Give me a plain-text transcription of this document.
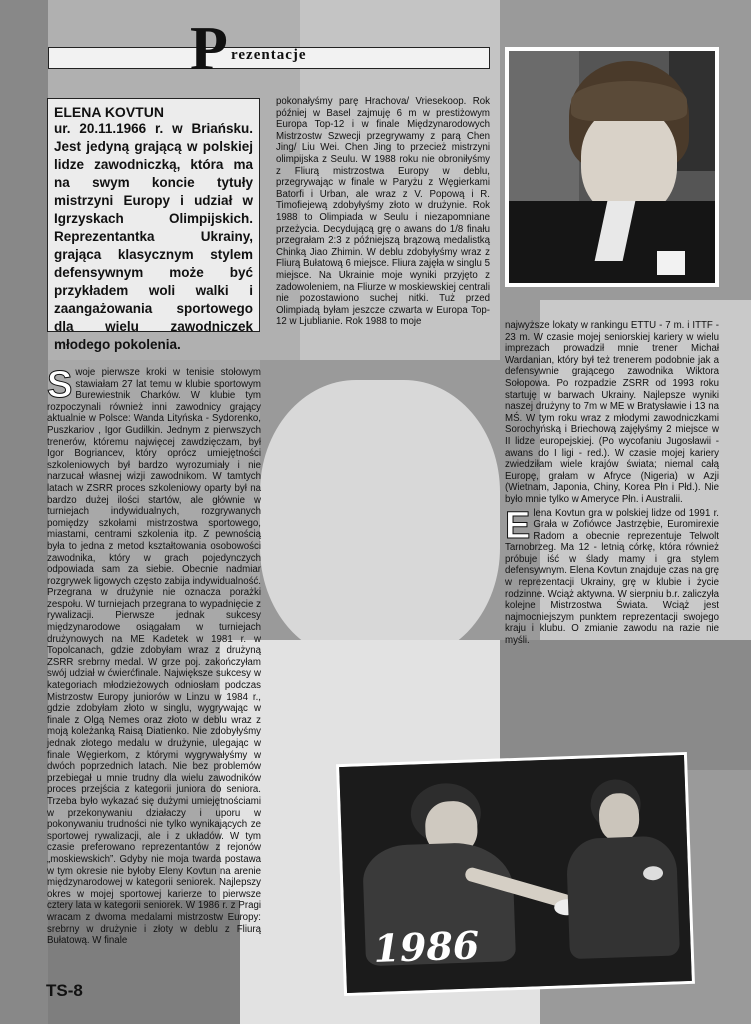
P rezentacje
ELENA KOVTUN

ur. 20.11.1966 r. w Briańsku. Jest jedyną grającą w polskiej lidze zawodniczką, która ma na swym koncie tytuły mistrzyni Europy i udział w Igrzyskach Olimpijskich. Reprezentantka Ukrainy, grająca klasycznym stylem defensywnym może być przykładem woli walki i zaangażowania sportowego dla wielu zawodniczek młodego pokolenia.

S woje pierwsze kroki w tenisie stołowym stawiałam 27 lat temu w klubie sportowym Burewiestnik Charków. W klubie tym rozpoczynali również inni zawodnicy grający aktualnie w Polsce: Wanda Lityńska - Sydorenko, Puszkariov , Igor Gudilkin. Jednym z pierwszych trenerów, któremu najwięcej zawdzięczam, był Igor Bogriancev, który oprócz umiejętności szkoleniowych był bardzo wyrozumiały i nie narzucał własnej wizji zawodnikom. W tamtych latach w ZSRR proces szkoleniowy oparty był na bardzo dużej ilości startów, ale głównie w turniejach indywidualnych, rozgrywanych pomiędzy szkołami mistrzostwa sportowego, miastami, centrami szkolenia itp. Z pewnością była to jedna z metod kształtowania osobowości zawodnika, który w grach pojedynczych odpowiada sam za siebie. Obecnie nadmiar rozgrywek ligowych często zabija indywidualność. Przegrana w drużynie nie oznacza porażki zespołu. W turniejach przegrana to wypadnięcie z rywalizacji. Pierwsze jednak sukcesy międzynarodowe osiągałam w turniejach drużynowych na ME Kadetek w 1981 r. w Topolcanach, gdzie zdobyłam wraz z drużyną ZSRR srebrny medal. W grze poj. zakończyłam swój udział w ćwierćfinale. Największe sukcesy w kategoriach młodzieżowych odniosłam podczas Mistrzostw Europy juniorów w Linzu w 1984 r., gdzie zdobyłam złoto w singlu, wygrywając w finale z Olgą Nemes oraz złoto w deblu wraz z moją koleżanką Raisą Diatienko. Nie zdobyłyśmy jednak złotego medalu w drużynie, ulegając w finale Węgierkom, z którymi wygrywałyśmy w dwóch poprzednich latach. Nie bez problemów przebiegał u mnie trudny dla wielu zawodników proces przejścia z kategorii juniora do seniora. Trzeba było wykazać się dużymi umiejętnościami w przekonywaniu działaczy i uporu w pokonywaniu trudności nie tylko wynikających ze sportowej rywalizacji, ale i z układów. W tym czasie preferowano reprezentantów z rejonów „moskiewskich”. Gdyby nie moja twarda postawa w tym okresie nie byłoby Eleny Kovtun na arenie międzynarodowej w kategorii seniorek. Najlepszy okres w mojej sportowej karierze to pierwsze cztery lata w kategorii seniorek. W 1986 r. z Pragi wracam z dwoma medalami mistrzostw Europy: srebrny w drużynie i złoty w deblu z Fliurą Bułatową. W finale
pokonałyśmy parę Hrachova/ Vriesekoop. Rok później w Basel zajmuję 6 m w prestiżowym Europa Top-12 i w finale Międzynarodowych Mistrzostw Szwecji przegrywamy z parą Chen Jing/ Liu Wei. Chen Jing to przecież mistrzyni olimpijska z Seulu. W 1988 roku nie obroniłyśmy z Fliurą mistrzostwa Europy w deblu, przegrywając w finale w Paryżu z Węgierkami Batorfi i Urban, ale wraz z V. Popową i R. Timofiejewą zdobyłyśmy złoto w drużynie. Rok 1988 to Olimpiada w Seulu i niezapomniane przeżycia. Decydującą grę o awans do 1/8 finału przegrałam 2:3 z późniejszą brązową medalistką Chinką Jiao Zhimin. W deblu zdobyłyśmy wraz z Fliurą Bułatową 6 miejsce. Fliura zajęła w singlu 5 miejsce. Na Ukrainie moje wyniki przyjęto z zadowoleniem, na Fliurze w moskiewskiej centrali nie pozostawiono suchej nitki. Tuż przed Olimpiadą byłam jeszcze czwarta w Europa Top-12 w Ljublianie. Rok 1988 to moje	najwyższe lokaty w rankingu ETTU - 7 m. i ITTF - 23 m. W czasie mojej seniorskiej kariery w wielu imprezach prowadził mnie trener Michał Wardanian, który był też trenerem podobnie jak a defensywnie grającego zawodnika Wiktora Sołopowa. Po rozpadzie ZSRR od 1993 roku startuję w barwach Ukrainy. Najlepsze wyniki naszej drużyny to 7m w ME w Bratysławie i 13 na MŚ. W tym roku wraz z młodymi zawodniczkami Sorochyńską i Briechową zajęłyśmy 2 miejsce w II lidze europejskiej. (Po wycofaniu Jugosławii - awans do I ligi - red.). W czasie mojej kariery zwiedziłam wiele krajów świata; niemal całą Europę, grałam w Afryce (Nigeria) w Azji (Wietnam, Japonia, Chiny, Korea Płn i Płd.). Nie było mnie tylko w Ameryce Płn. i Australii.

E lena Kovtun gra w polskiej lidze od 1991 r. Grała w Zofiówce Jastrzębie, Euromirexie Radom a obecnie reprezentuje Telwolt Tarnobrzeg. Ma 12 - letnią córkę, która również próbuje iść w ślady mamy i gra stylem defensywnym. Elena Kovtun znajduje czas na grę w reprezentacji Ukrainy, grę w klubie i życie rodzinne. Wciąż aktywna. W sierpniu b.r. zaliczyła kolejne Mistrzostwa Świata. Wciąż jest najmocniejszym punktem reprezentacji swojego kraju i klubu. O zmianie zawodu na razie nie myśli.

1986
TS-8
